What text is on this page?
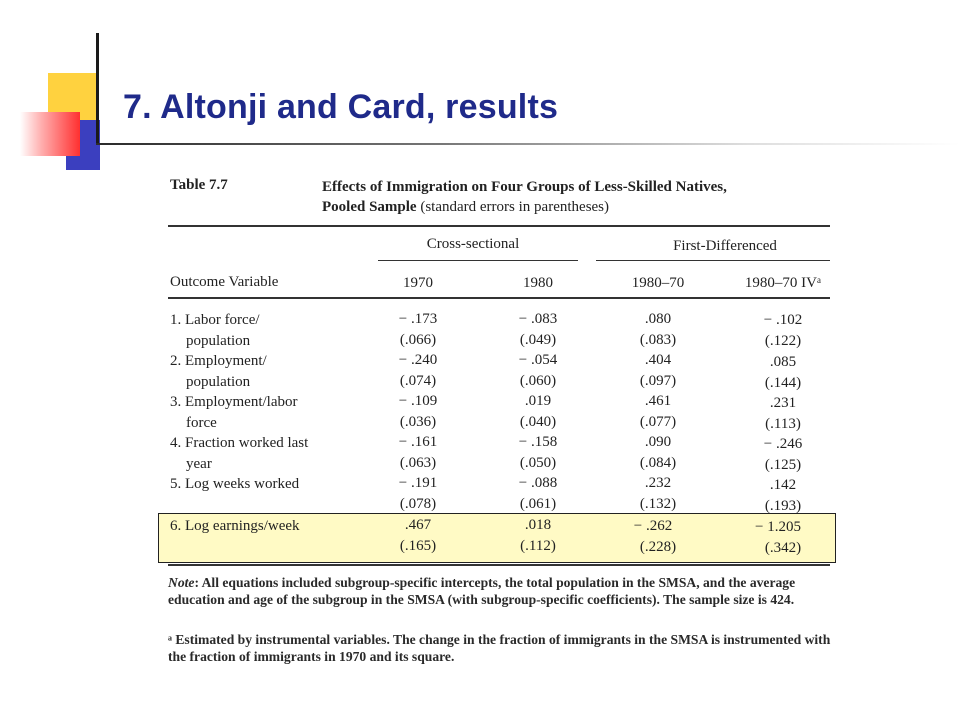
7. Altonji and Card, results
Table 7.7	Effects of Immigration on Four Groups of Less-Skilled Natives,
Pooled Sample (standard errors in parentheses)
Cross-sectional	First-Differenced
Outcome Variable	1970	1980	1980–70	1980–70 IVᵃ
1. Labor force/
population
− .173	− .083	.080	− .102
(.066)	(.049)	(.083)	(.122)
2. Employment/
population
− .240	− .054	.404	.085
(.074)	(.060)	(.097)	(.144)
3. Employment/labor
force
− .109	.019	.461	.231
(.036)	(.040)	(.077)	(.113)
4. Fraction worked last
year
− .161	− .158	.090	− .246
(.063)	(.050)	(.084)	(.125)
5. Log weeks worked	− .191	− .088	.232	.142
(.078)	(.061)	(.132)	(.193)
6. Log earnings/week	.467	.018	− .262	− 1.205
(.165)	(.112)	(.228)	(.342)
Note: All equations included subgroup-specific intercepts, the total population in the SMSA, and the average education and age of the subgroup in the SMSA (with subgroup-specific coefficients). The sample size is 424.
ᵃ Estimated by instrumental variables. The change in the fraction of immigrants in the SMSA is instrumented with the fraction of immigrants in 1970 and its square.
